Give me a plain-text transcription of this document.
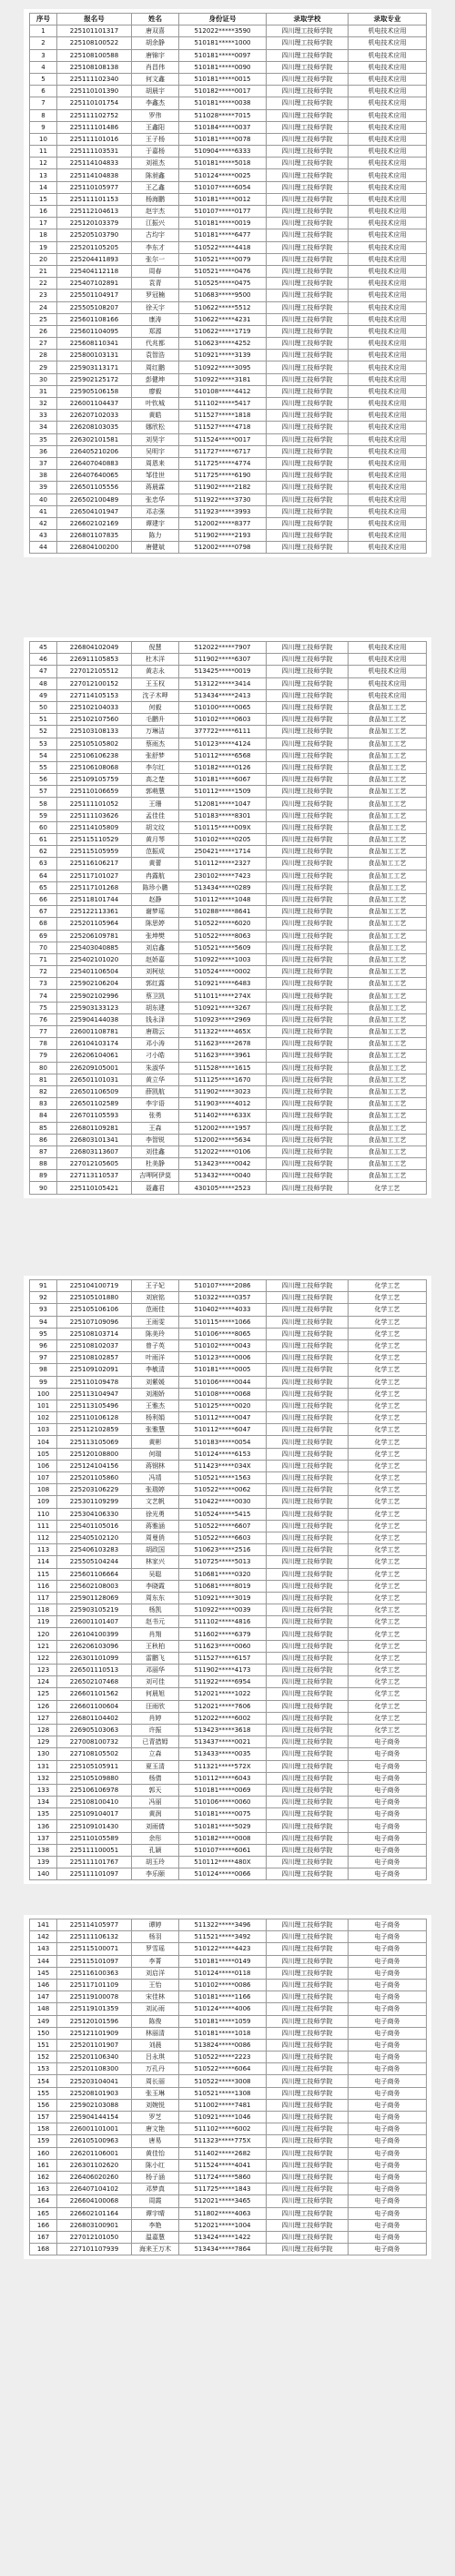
序号	报名号	姓名	身份证号	录取学校	录取专业
1	225101101317	唐双喜	512022*****3590	四川理工技师学院	机电技术应用
2	225108100522	胡余静	510181*****1000	四川理工技师学院	机电技术应用
3	225108100588	唐锦宇	510181*****0097	四川理工技师学院	机电技术应用
4	225108108138	肖昌伟	510181*****0090	四川理工技师学院	机电技术应用
5	225111102340	何文鑫	510181*****0015	四川理工技师学院	机电技术应用
6	225110101390	胡晨宇	510182*****0017	四川理工技师学院	机电技术应用
7	225110101754	李鑫杰	510181*****0038	四川理工技师学院	机电技术应用
8	225111102752	罗伟	511028*****7015	四川理工技师学院	机电技术应用
9	225111101486	王鑫阳	510184*****0037	四川理工技师学院	机电技术应用
10	225111101016	王子杨	510181*****0078	四川理工技师学院	机电技术应用
11	225111103531	于嘉杨	510904*****6333	四川理工技师学院	机电技术应用
12	225114104833	刘祖杰	510181*****5018	四川理工技师学院	机电技术应用
13	225114104838	陈昶鑫	510124*****0025	四川理工技师学院	机电技术应用
14	225110105977	王乙鑫	510107*****6054	四川理工技师学院	机电技术应用
15	225111101153	杨海鹏	510181*****0012	四川理工技师学院	机电技术应用
16	225112104613	赵宇杰	510107*****0177	四川理工技师学院	机电技术应用
17	225120103379	江振兴	510181*****0019	四川理工技师学院	机电技术应用
18	225205103790	古均宇	510181*****6477	四川理工技师学院	机电技术应用
19	225201105205	李东才	510522*****4418	四川理工技师学院	机电技术应用
20	225204411893	张尔一	510521*****0079	四川理工技师学院	机电技术应用
21	225404112118	周春	510521*****0476	四川理工技师学院	机电技术应用
22	225407102891	袁青	510525*****0475	四川理工技师学院	机电技术应用
23	225501104917	罗冠楠	510683*****9500	四川理工技师学院	机电技术应用
24	225505108207	徐天宇	510622*****5512	四川理工技师学院	机电技术应用
25	225601108166	康涛	510622*****4231	四川理工技师学院	机电技术应用
26	225601104095	郑源	510622*****1719	四川理工技师学院	机电技术应用
27	225608110341	代兆都	510623*****4252	四川理工技师学院	机电技术应用
28	225800103131	袁智浩	510921*****3139	四川理工技师学院	机电技术应用
29	225903113171	周红鹏	510922*****3095	四川理工技师学院	机电技术应用
30	225902125172	彭健坤	510922*****3181	四川理工技师学院	机电技术应用
31	225905106158	廖毅	510108*****4412	四川理工技师学院	机电技术应用
32	226001104437	叶钦城	511102*****5417	四川理工技师学院	机电技术应用
33	226207102033	黄皓	511527*****1818	四川理工技师学院	机电技术应用
34	226208103035	娜欣松	511527*****4718	四川理工技师学院	机电技术应用
35	226302101581	刘昊宇	511524*****0017	四川理工技师学院	机电技术应用
36	226405210206	吴明宇	511727*****6717	四川理工技师学院	机电技术应用
37	226407040883	周恩来	511725*****4774	四川理工技师学院	机电技术应用
38	226407640065	邹佳世	511725*****6190	四川理工技师学院	机电技术应用
39	226501105556	蒋晨霖	511902*****2182	四川理工技师学院	机电技术应用
40	226502100489	张忠华	511922*****3730	四川理工技师学院	机电技术应用
41	226504101947	邓志强	511923*****3993	四川理工技师学院	机电技术应用
42	226602102169	谭建宇	512002*****8377	四川理工技师学院	机电技术应用
43	226801107835	陈力	511902*****2193	四川理工技师学院	机电技术应用
44	226804100200	唐健斌	512002*****0798	四川理工技师学院	机电技术应用
45	226804102049	倪慧	512022*****7907	四川理工技师学院	机电技术应用
46	226911105853	杜木洋	511902*****6307	四川理工技师学院	机电技术应用
47	227012105512	黄志永	513425*****0019	四川理工技师学院	机电技术应用
48	227012100152	王玉权	513122*****3414	四川理工技师学院	机电技术应用
49	227114105153	沈子木呷	513434*****2413	四川理工技师学院	机电技术应用
50	225102104033	何毅	510100*****0065	四川理工技师学院	食品加工工艺
51	225102107560	毛鹏升	510102*****0603	四川理工技师学院	食品加工工艺
52	225103108133	万琳洁	377722*****6111	四川理工技师学院	食品加工工艺
53	225105105802	蔡雨杰	510123*****4124	四川理工技师学院	食品加工工艺
54	225106106238	张舒梦	510112*****6568	四川理工技师学院	食品加工工艺
55	225106108068	李尔红	510182*****0126	四川理工技师学院	食品加工工艺
56	225109105759	高之楚	510181*****6067	四川理工技师学院	食品加工工艺
57	225110106659	郭萌慧	510112*****1509	四川理工技师学院	食品加工工艺
58	225111101052	王珊	512081*****1047	四川理工技师学院	食品加工工艺
59	225111103626	孟佳佳	510183*****8301	四川理工技师学院	食品加工工艺
60	225114105809	胡文纹	510115*****009X	四川理工技师学院	食品加工工艺
61	225115110529	黄月琴	510102*****0205	四川理工技师学院	食品加工工艺
62	225115105959	范振成	250421*****1714	四川理工技师学院	食品加工工艺
63	225116106217	黄蕾	510112*****2327	四川理工技师学院	食品加工工艺
64	225117101027	冉露航	230102*****7423	四川理工技师学院	食品加工工艺
65	225117101268	陈珍小鹏	513434*****0289	四川理工技师学院	食品加工工艺
66	225118101744	赵静	510112*****1048	四川理工技师学院	食品加工工艺
67	225122113361	谢梦瑶	510288*****8641	四川理工技师学院	食品加工工艺
68	225201105964	陈思婷	510522*****6020	四川理工技师学院	食品加工工艺
69	225206109781	张坤樊	510522*****8063	四川理工技师学院	食品加工工艺
70	225403040885	刘启鑫	510521*****5609	四川理工技师学院	食品加工工艺
71	225402101020	赵娇嘉	510922*****1003	四川理工技师学院	食品加工工艺
72	225401106504	刘柯炫	510524*****0002	四川理工技师学院	食品加工工艺
73	225902106204	郭红露	510921*****6483	四川理工技师学院	食品加工工艺
74	225902102996	蔡卫凯	511011*****274X	四川理工技师学院	食品加工工艺
75	225903133123	胡东建	510921*****3267	四川理工技师学院	食品加工工艺
76	225904144038	钱永泽	510923*****2969	四川理工技师学院	食品加工工艺
77	226001108781	唐瑞云	511322*****465X	四川理工技师学院	食品加工工艺
78	226104103174	邓小涛	511623*****2678	四川理工技师学院	食品加工工艺
79	226206104061	刁小皓	511623*****3961	四川理工技师学院	食品加工工艺
80	226209105001	朱淑华	511528*****1615	四川理工技师学院	食品加工工艺
81	226501101031	黄立华	511125*****1670	四川理工技师学院	食品加工工艺
82	226501106509	薛凯航	511902*****3023	四川理工技师学院	食品加工工艺
83	226501102589	李宇语	511903*****4012	四川理工技师学院	食品加工工艺
84	226701105593	张勇	511402*****633X	四川理工技师学院	食品加工工艺
85	226801109281	王森	512002*****1957	四川理工技师学院	食品加工工艺
86	226803101341	李智锐	512002*****5634	四川理工技师学院	食品加工工艺
87	226803113607	刘佳鑫	512022*****0106	四川理工技师学院	食品加工工艺
88	227012105605	杜美静	513423*****0042	四川理工技师学院	食品加工工艺
89	227113110537	吉呷阿伊莫	513432*****0040	四川理工技师学院	食品加工工艺
90	225110105421	聂鑫君	430105*****2523	四川理工技师学院	化学工艺
91	225104100719	王子妃	510107*****2086	四川理工技师学院	化学工艺
92	225105101880	刘宸铭	510322*****0357	四川理工技师学院	化学工艺
93	225105106106	范雨佳	510402*****4033	四川理工技师学院	化学工艺
94	225107109096	王雨雯	510115*****1066	四川理工技师学院	化学工艺
95	225108103714	陈美玲	510106*****8065	四川理工技师学院	化学工艺
96	225108102037	曾子英	510102*****0043	四川理工技师学院	化学工艺
97	225108102857	叶雨洋	510123*****0006	四川理工技师学院	化学工艺
98	225109102091	李敏清	510181*****0005	四川理工技师学院	化学工艺
99	225110109478	刘紫媛	510106*****0044	四川理工技师学院	化学工艺
100	225113104947	刘湘娇	510108*****0068	四川理工技师学院	化学工艺
101	225113105496	王雅杰	510125*****0020	四川理工技师学院	化学工艺
102	225110106128	杨利娟	510112*****0047	四川理工技师学院	化学工艺
103	225112102859	张雅慧	510112*****6047	四川理工技师学院	化学工艺
104	225113105069	黄彬	510183*****0054	四川理工技师学院	化学工艺
105	225120108800	何瑞	510124*****6153	四川理工技师学院	化学工艺
106	225124104156	蒋钢林	511423*****034X	四川理工技师学院	化学工艺
107	225201105860	冯靖	510521*****1563	四川理工技师学院	化学工艺
108	225203106229	张瑞婷	510522*****0062	四川理工技师学院	化学工艺
109	225301109299	文艺帆	510422*****0030	四川理工技师学院	化学工艺
110	225304106330	徐光勇	510524*****5415	四川理工技师学院	化学工艺
111	225401105016	蒋雅涵	510522*****6607	四川理工技师学院	化学工艺
112	225405102120	周曼俏	510522*****6603	四川理工技师学院	化学工艺
113	225406103283	胡政国	510623*****2516	四川理工技师学院	化学工艺
114	225505104244	林家兴	510725*****5013	四川理工技师学院	化学工艺
115	225601106664	吴聪	510681*****0320	四川理工技师学院	化学工艺
116	225602108003	李晓霞	510681*****8019	四川理工技师学院	化学工艺
117	225901128069	周东东	510921*****3019	四川理工技师学院	化学工艺
118	225903105219	杨凯	510922*****0039	四川理工技师学院	化学工艺
119	226001101407	赵书元	511102*****4816	四川理工技师学院	化学工艺
120	226104100399	肖翔	511602*****6379	四川理工技师学院	化学工艺
121	226206103096	王秋柏	511623*****0060	四川理工技师学院	化学工艺
122	226301101099	雷鹏飞	511527*****6157	四川理工技师学院	化学工艺
123	226501110513	邓丽华	511902*****4173	四川理工技师学院	化学工艺
124	226502107468	刘可佳	511922*****6954	四川理工技师学院	化学工艺
125	226601101562	何晨旭	512021*****1022	四川理工技师学院	化学工艺
126	226601100604	汪雨欣	512021*****7606	四川理工技师学院	化学工艺
127	226801104402	肖婷	512022*****6002	四川理工技师学院	化学工艺
128	226905103063	许振	513423*****3618	四川理工技师学院	化学工艺
129	227008100732	已青措姆	513437*****0021	四川理工技师学院	电子商务
130	227108105502	立森	513433*****0035	四川理工技师学院	电子商务
131	225105105911	夏玉清	511321*****572X	四川理工技师学院	电子商务
132	225105109880	杨倩	510112*****6043	四川理工技师学院	电子商务
133	225106106978	郭天	510181*****0069	四川理工技师学院	电子商务
134	225108100410	冯丽	510106*****0060	四川理工技师学院	电子商务
135	225109104017	黄润	510181*****0075	四川理工技师学院	电子商务
136	225109101430	刘雨倩	510181*****5029	四川理工技师学院	电子商务
137	225110105589	余彤	510182*****0008	四川理工技师学院	电子商务
138	225111100051	孔颖	510107*****6061	四川理工技师学院	电子商务
139	225111101767	胡玉玲	510112*****480X	四川理工技师学院	电子商务
140	225111101097	李乐颐	510124*****0066	四川理工技师学院	电子商务
141	225114105977	谭婷	511322*****3496	四川理工技师学院	电子商务
142	225111106132	杨羽	511521*****3492	四川理工技师学院	电子商务
143	225115100071	罗雪瑶	510122*****4423	四川理工技师学院	电子商务
144	225115101097	李菁	510181*****0149	四川理工技师学院	电子商务
145	225116100363	刘启洋	510124*****0118	四川理工技师学院	电子商务
146	225117101109	王怡	510102*****0086	四川理工技师学院	电子商务
147	225119100078	宋佳林	510181*****1166	四川理工技师学院	电子商务
148	225119101359	刘沁雨	510124*****4006	四川理工技师学院	电子商务
149	225120101596	陈俊	510181*****1059	四川理工技师学院	电子商务
150	225121101909	林丽清	510181*****1018	四川理工技师学院	电子商务
151	225201101907	刘晨	513824*****0086	四川理工技师学院	电子商务
152	225201106340	吕永琪	510522*****2223	四川理工技师学院	电子商务
153	225201108300	万孔丹	510522*****6064	四川理工技师学院	电子商务
154	225203104041	周长丽	510522*****3008	四川理工技师学院	电子商务
155	225208101903	张玉琳	510521*****1308	四川理工技师学院	电子商务
156	225902103088	刘婉悦	511002*****7481	四川理工技师学院	电子商务
157	225904144154	罗芝	510921*****1046	四川理工技师学院	电子商务
158	226001101001	唐文艳	511102*****6002	四川理工技师学院	电子商务
159	226105100963	唐易	511323*****775X	四川理工技师学院	电子商务
160	226201106001	黄佳怡	511402*****2682	四川理工技师学院	电子商务
161	226301102620	陈小红	511524*****4041	四川理工技师学院	电子商务
162	226406020260	杨子涵	511724*****5860	四川理工技师学院	电子商务
163	226407104102	邓梦真	511725*****1843	四川理工技师学院	电子商务
164	226604100068	周霞	512021*****3465	四川理工技师学院	电子商务
165	226602101164	谭宇晴	511802*****4063	四川理工技师学院	电子商务
166	226803100901	李艳	512021*****1004	四川理工技师学院	电子商务
167	227012101050	温嘉慧	513424*****1422	四川理工技师学院	电子商务
168	227101107939	海来王万木	513434*****7864	四川理工技师学院	电子商务
